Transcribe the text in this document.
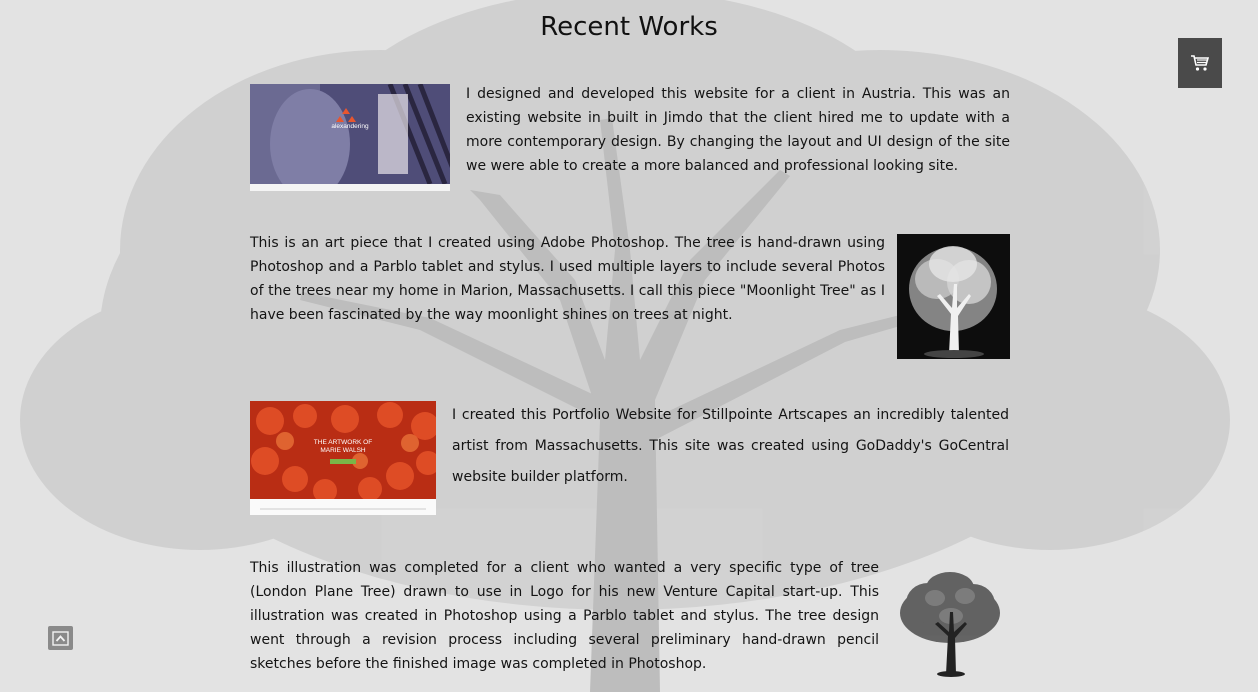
Recent Works
alexandering

I designed and developed this website for a client in Austria. This was an existing website in built in Jimdo that the client hired me to update with a more contemporary design. By changing the layout and UI design of the site we were able to create a more balanced and professional looking site.

This is an art piece that I created using Adobe Photoshop. The tree is hand-drawn using Photoshop and a Parblo tablet and stylus. I used multiple layers to include several Photos of the trees near my home in Marion, Massachusetts. I call this piece "Moonlight Tree" as I have been fascinated by the way moonlight shines on trees at night.

THE ARTWORK OF MARIE WALSH

I created this Portfolio Website for Stillpointe Artscapes an incredibly talented artist from Massachusetts. This site was created using GoDaddy's GoCentral website builder platform.

This illustration was completed for a client who wanted a very specific type of tree (London Plane Tree) drawn to use in Logo for his new Venture Capital start-up. This illustration was created in Photoshop using a Parblo tablet and stylus. The tree design went through a revision process including several preliminary hand-drawn pencil sketches before the finished image was completed in Photoshop.
